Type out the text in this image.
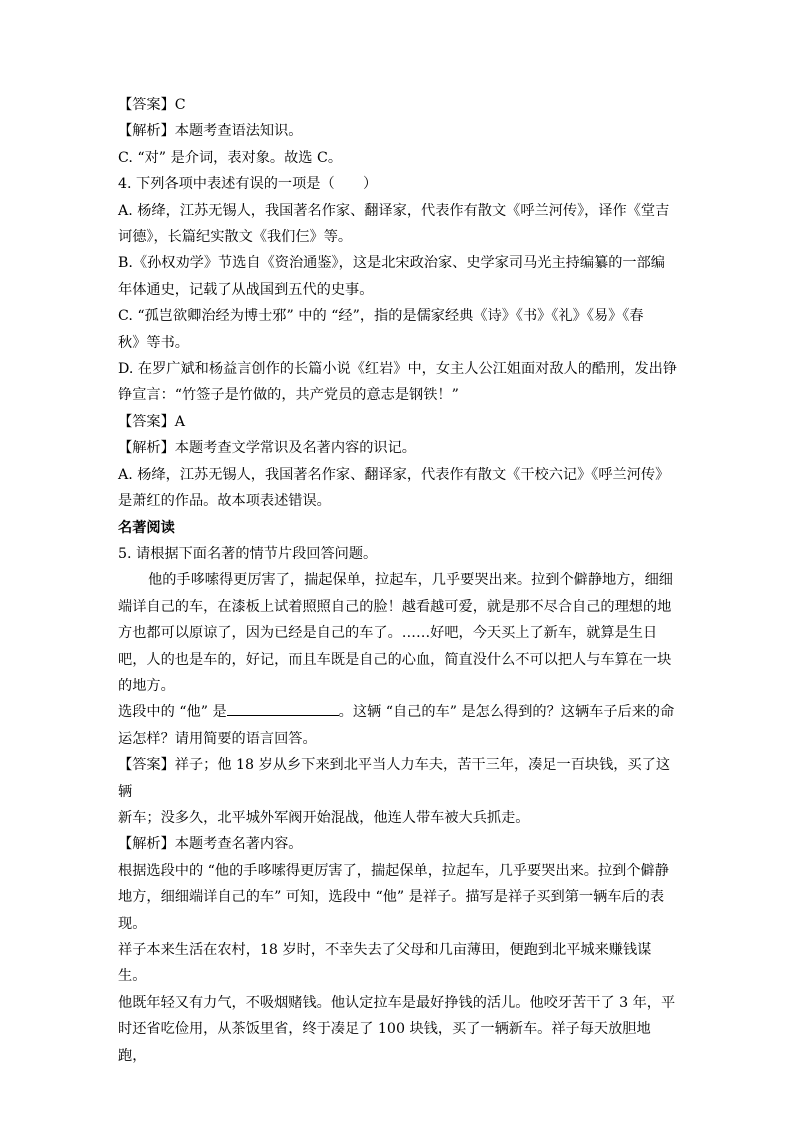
【答案】C

【解析】本题考查语法知识。

C. “对” 是介词，表对象。故选 C。

4. 下列各项中表述有误的一项是（　　）

A. 杨绛，江苏无锡人，我国著名作家、翻译家，代表作有散文《呼兰河传》，译作《堂吉

诃德》，长篇纪实散文《我们仨》等。

B.《孙权劝学》节选自《资治通鉴》，这是北宋政治家、史学家司马光主持编纂的一部编

年体通史，记载了从战国到五代的史事。

C. “孤岂欲卿治经为博士邪” 中的 “经”，指的是儒家经典《诗》《书》《礼》《易》《春

秋》等书。

D. 在罗广斌和杨益言创作的长篇小说《红岩》中，女主人公江姐面对敌人的酷刑，发出铮

铮宣言：“竹签子是竹做的，共产党员的意志是钢铁！”

【答案】A

【解析】本题考查文学常识及名著内容的识记。

A. 杨绛，江苏无锡人，我国著名作家、翻译家，代表作有散文《干校六记》《呼兰河传》

是萧红的作品。故本项表述错误。

名著阅读

5. 请根据下面名著的情节片段回答问题。

他的手哆嗦得更厉害了，揣起保单，拉起车，几乎要哭出来。拉到个僻静地方，细细

端详自己的车，在漆板上试着照照自己的脸！越看越可爱，就是那不尽合自己的理想的地

方也都可以原谅了，因为已经是自己的车了。……好吧，今天买上了新车，就算是生日

吧，人的也是车的，好记，而且车既是自己的心血，简直没什么不可以把人与车算在一块

的地方。

选段中的 “他” 是	。这辆 “自己的车” 是怎么得到的？这辆车子后来的命

运怎样？请用简要的语言回答。

【答案】祥子；他 18 岁从乡下来到北平当人力车夫，苦干三年，凑足一百块钱，买了这辆

新车；没多久，北平城外军阀开始混战，他连人带车被大兵抓走。

【解析】本题考查名著内容。

根据选段中的 “他的手哆嗦得更厉害了，揣起保单，拉起车，几乎要哭出来。拉到个僻静

地方，细细端详自己的车” 可知，选段中 “他” 是祥子。描写是祥子买到第一辆车后的表

现。

祥子本来生活在农村，18 岁时，不幸失去了父母和几亩薄田，便跑到北平城来赚钱谋生。

他既年轻又有力气，不吸烟赌钱。他认定拉车是最好挣钱的活儿。他咬牙苦干了 3 年，平

时还省吃俭用，从茶饭里省，终于凑足了 100 块钱，买了一辆新车。祥子每天放胆地跑，
